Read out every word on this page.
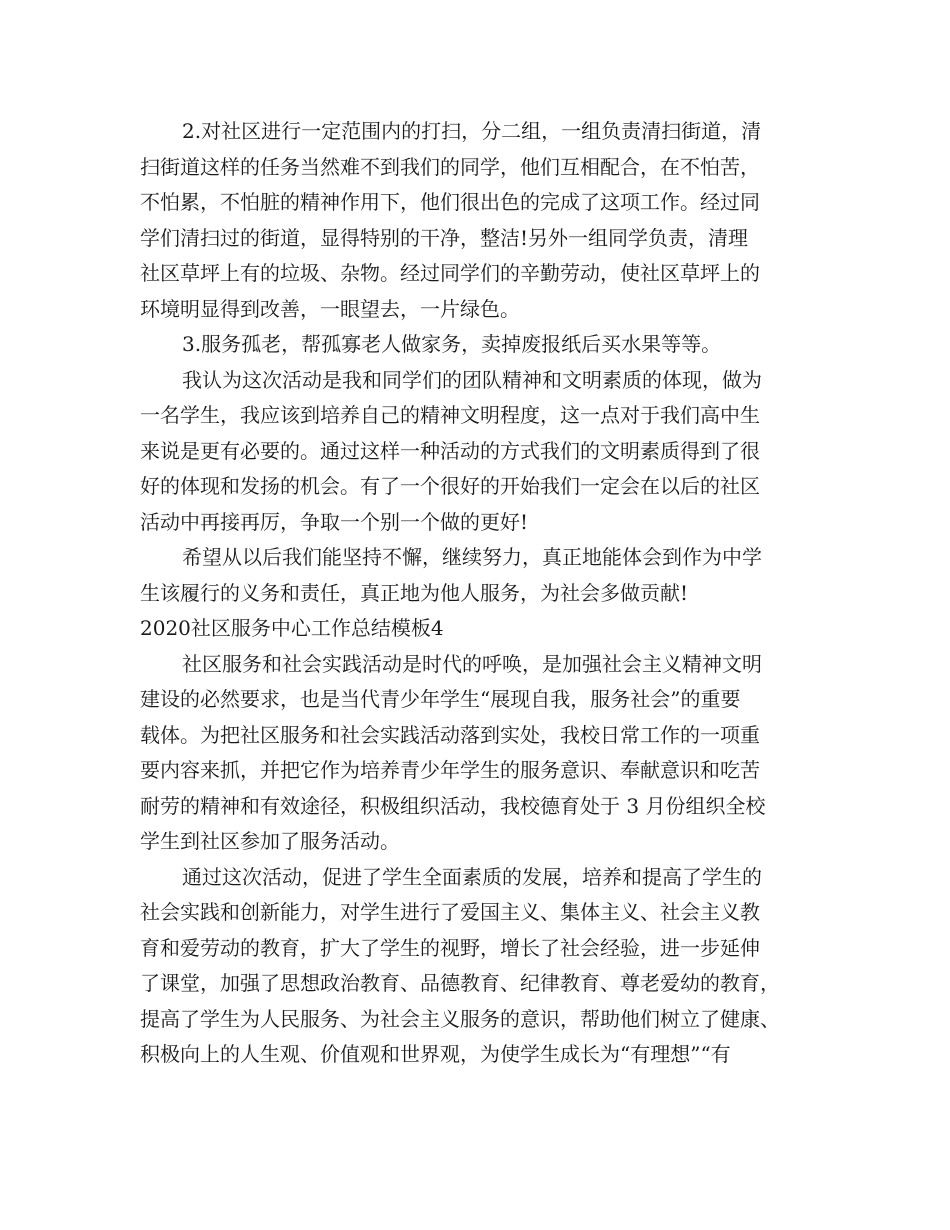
2.对社区进行一定范围内的打扫，分二组，一组负责清扫街道，清
扫街道这样的任务当然难不到我们的同学，他们互相配合，在不怕苦，
不怕累，不怕脏的精神作用下，他们很出色的完成了这项工作。经过同
学们清扫过的街道，显得特别的干净，整洁!另外一组同学负责，清理
社区草坪上有的垃圾、杂物。经过同学们的辛勤劳动，使社区草坪上的
环境明显得到改善，一眼望去，一片绿色。
3.服务孤老，帮孤寡老人做家务，卖掉废报纸后买水果等等。
我认为这次活动是我和同学们的团队精神和文明素质的体现，做为
一名学生，我应该到培养自己的精神文明程度，这一点对于我们高中生
来说是更有必要的。通过这样一种活动的方式我们的文明素质得到了很
好的体现和发扬的机会。有了一个很好的开始我们一定会在以后的社区
活动中再接再厉，争取一个别一个做的更好!
希望从以后我们能坚持不懈，继续努力，真正地能体会到作为中学
生该履行的义务和责任，真正地为他人服务，为社会多做贡献!
2020社区服务中心工作总结模板4
社区服务和社会实践活动是时代的呼唤，是加强社会主义精神文明
建设的必然要求，也是当代青少年学生“展现自我，服务社会”的重要
载体。为把社区服务和社会实践活动落到实处，我校日常工作的一项重
要内容来抓，并把它作为培养青少年学生的服务意识、奉献意识和吃苦
耐劳的精神和有效途径，积极组织活动，我校德育处于 3 月份组织全校
学生到社区参加了服务活动。
通过这次活动，促进了学生全面素质的发展，培养和提高了学生的
社会实践和创新能力，对学生进行了爱国主义、集体主义、社会主义教
育和爱劳动的教育，扩大了学生的视野，增长了社会经验，进一步延伸
了课堂，加强了思想政治教育、品德教育、纪律教育、尊老爱幼的教育，
提高了学生为人民服务、为社会主义服务的意识，帮助他们树立了健康、
积极向上的人生观、价值观和世界观，为使学生成长为“有理想”“有
